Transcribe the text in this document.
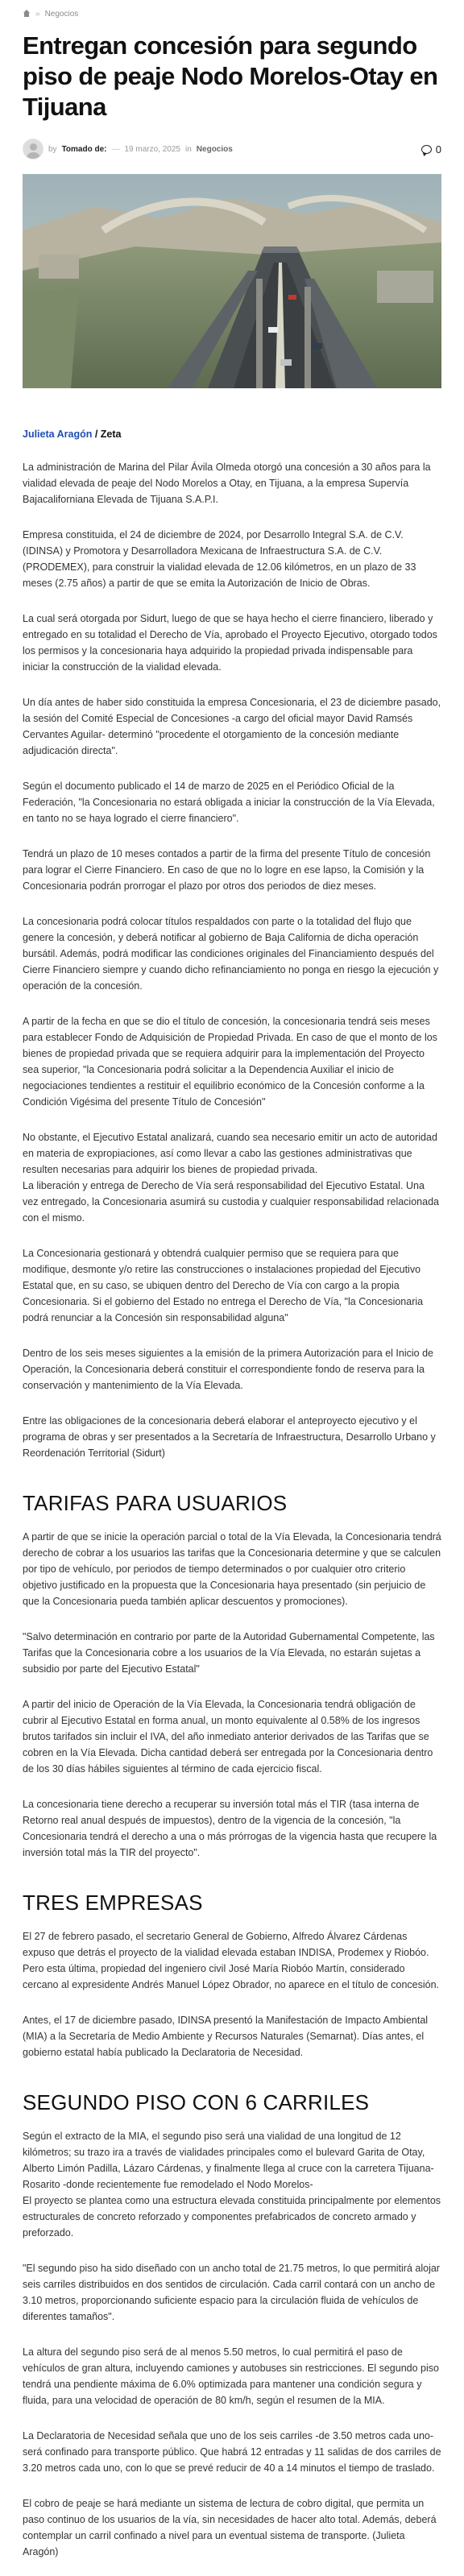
» Negocios
Entregan concesión para segundo piso de peaje Nodo Morelos-Otay en Tijuana
by Tomado de: — 19 marzo, 2025 in Negocios	0
Julieta Aragón / Zeta

La administración de Marina del Pilar Ávila Olmeda otorgó una concesión a 30 años para la vialidad elevada de peaje del Nodo Morelos a Otay, en Tijuana, a la empresa Supervía Bajacaliforniana Elevada de Tijuana S.A.P.I.

Empresa constituida, el 24 de diciembre de 2024, por Desarrollo Integral S.A. de C.V. (IDINSA) y Promotora y Desarrolladora Mexicana de Infraestructura S.A. de C.V. (PRODEMEX), para construir la vialidad elevada de 12.06 kilómetros, en un plazo de 33 meses (2.75 años) a partir de que se emita la Autorización de Inicio de Obras.

La cual será otorgada por Sidurt, luego de que se haya hecho el cierre financiero, liberado y entregado en su totalidad el Derecho de Vía, aprobado el Proyecto Ejecutivo, otorgado todos los permisos y la concesionaria haya adquirido la propiedad privada indispensable para iniciar la construcción de la vialidad elevada.

Un día antes de haber sido constituida la empresa Concesionaria, el 23 de diciembre pasado, la sesión del Comité Especial de Concesiones -a cargo del oficial mayor David Ramsés Cervantes Aguilar- determinó "procedente el otorgamiento de la concesión mediante adjudicación directa".

Según el documento publicado el 14 de marzo de 2025 en el Periódico Oficial de la Federación, "la Concesionaria no estará obligada a iniciar la construcción de la Vía Elevada, en tanto no se haya logrado el cierre financiero".

Tendrá un plazo de 10 meses contados a partir de la firma del presente Título de concesión para lograr el Cierre Financiero. En caso de que no lo logre en ese lapso, la Comisión y la Concesionaria podrán prorrogar el plazo por otros dos periodos de diez meses.

La concesionaria podrá colocar títulos respaldados con parte o la totalidad del flujo que genere la concesión, y deberá notificar al gobierno de Baja California de dicha operación bursátil. Además, podrá modificar las condiciones originales del Financiamiento después del Cierre Financiero siempre y cuando dicho refinanciamiento no ponga en riesgo la ejecución y operación de la concesión.

A partir de la fecha en que se dio el título de concesión, la concesionaria tendrá seis meses para establecer Fondo de Adquisición de Propiedad Privada. En caso de que el monto de los bienes de propiedad privada que se requiera adquirir para la implementación del Proyecto sea superior, "la Concesionaria podrá solicitar a la Dependencia Auxiliar el inicio de negociaciones tendientes a restituir el equilibrio económico de la Concesión conforme a la Condición Vigésima del presente Título de Concesión"

No obstante, el Ejecutivo Estatal analizará, cuando sea necesario emitir un acto de autoridad en materia de expropiaciones, así como llevar a cabo las gestiones administrativas que resulten necesarias para adquirir los bienes de propiedad privada.

La liberación y entrega de Derecho de Vía será responsabilidad del Ejecutivo Estatal. Una vez entregado, la Concesionaria asumirá su custodia y cualquier responsabilidad relacionada con el mismo.

La Concesionaria gestionará y obtendrá cualquier permiso que se requiera para que modifique, desmonte y/o retire las construcciones o instalaciones propiedad del Ejecutivo Estatal que, en su caso, se ubiquen dentro del Derecho de Vía con cargo a la propia Concesionaria. Si el gobierno del Estado no entrega el Derecho de Vía, "la Concesionaria podrá renunciar a la Concesión sin responsabilidad alguna"

Dentro de los seis meses siguientes a la emisión de la primera Autorización para el Inicio de Operación, la Concesionaria deberá constituir el correspondiente fondo de reserva para la conservación y mantenimiento de la Vía Elevada.

Entre las obligaciones de la concesionaria deberá elaborar el anteproyecto ejecutivo y el programa de obras y ser presentados a la Secretaría de Infraestructura, Desarrollo Urbano y Reordenación Territorial (Sidurt)

TARIFAS PARA USUARIOS

A partir de que se inicie la operación parcial o total de la Vía Elevada, la Concesionaria tendrá derecho de cobrar a los usuarios las tarifas que la Concesionaria determine y que se calculen por tipo de vehículo, por periodos de tiempo determinados o por cualquier otro criterio objetivo justificado en la propuesta que la Concesionaria haya presentado (sin perjuicio de que la Concesionaria pueda también aplicar descuentos y promociones).

"Salvo determinación en contrario por parte de la Autoridad Gubernamental Competente, las Tarifas que la Concesionaria cobre a los usuarios de la Vía Elevada, no estarán sujetas a subsidio por parte del Ejecutivo Estatal"

A partir del inicio de Operación de la Vía Elevada, la Concesionaria tendrá obligación de cubrir al Ejecutivo Estatal en forma anual, un monto equivalente al 0.58% de los ingresos brutos tarifados sin incluir el IVA, del año inmediato anterior derivados de las Tarifas que se cobren en la Vía Elevada. Dicha cantidad deberá ser entregada por la Concesionaria dentro de los 30 días hábiles siguientes al término de cada ejercicio fiscal.

La concesionaria tiene derecho a recuperar su inversión total más el TIR (tasa interna de Retorno real anual después de impuestos), dentro de la vigencia de la concesión, "la Concesionaria tendrá el derecho a una o más prórrogas de la vigencia hasta que recupere la inversión total más la TIR del proyecto".

TRES EMPRESAS

El 27 de febrero pasado, el secretario General de Gobierno, Alfredo Álvarez Cárdenas expuso que detrás el proyecto de la vialidad elevada estaban INDISA, Prodemex y Riobóo. Pero esta última, propiedad del ingeniero civil José María Riobóo Martín, considerado cercano al expresidente Andrés Manuel López Obrador, no aparece en el título de concesión.

Antes, el 17 de diciembre pasado, IDINSA presentó la Manifestación de Impacto Ambiental (MIA) a la Secretaría de Medio Ambiente y Recursos Naturales (Semarnat). Días antes, el gobierno estatal había publicado la Declaratoria de Necesidad.

SEGUNDO PISO CON 6 CARRILES

Según el extracto de la MIA, el segundo piso será una vialidad de una longitud de 12 kilómetros; su trazo ira a través de vialidades principales como el bulevard Garita de Otay, Alberto Limón Padilla, Lázaro Cárdenas, y finalmente llega al cruce con la carretera Tijuana-Rosarito -donde recientemente fue remodelado el Nodo Morelos-

El proyecto se plantea como una estructura elevada constituida principalmente por elementos estructurales de concreto reforzado y componentes prefabricados de concreto armado y preforzado.

"El segundo piso ha sido diseñado con un ancho total de 21.75 metros, lo que permitirá alojar seis carriles distribuidos en dos sentidos de circulación. Cada carril contará con un ancho de 3.10 metros, proporcionando suficiente espacio para la circulación fluida de vehículos de diferentes tamaños".

La altura del segundo piso será de al menos 5.50 metros, lo cual permitirá el paso de vehículos de gran altura, incluyendo camiones y autobuses sin restricciones. El segundo piso tendrá una pendiente máxima de 6.0% optimizada para mantener una condición segura y fluida, para una velocidad de operación de 80 km/h, según el resumen de la MIA.

La Declaratoria de Necesidad señala que uno de los seis carriles -de 3.50 metros cada uno- será confinado para transporte público. Que habrá 12 entradas y 11 salidas de dos carriles de 3.20 metros cada uno, con lo que se prevé reducir de 40 a 14 minutos el tiempo de traslado.

El cobro de peaje se hará mediante un sistema de lectura de cobro digital, que permita un paso continuo de los usuarios de la vía, sin necesidades de hacer alto total. Además, deberá contemplar un carril confinado a nivel para un eventual sistema de transporte. (Julieta Aragón)
